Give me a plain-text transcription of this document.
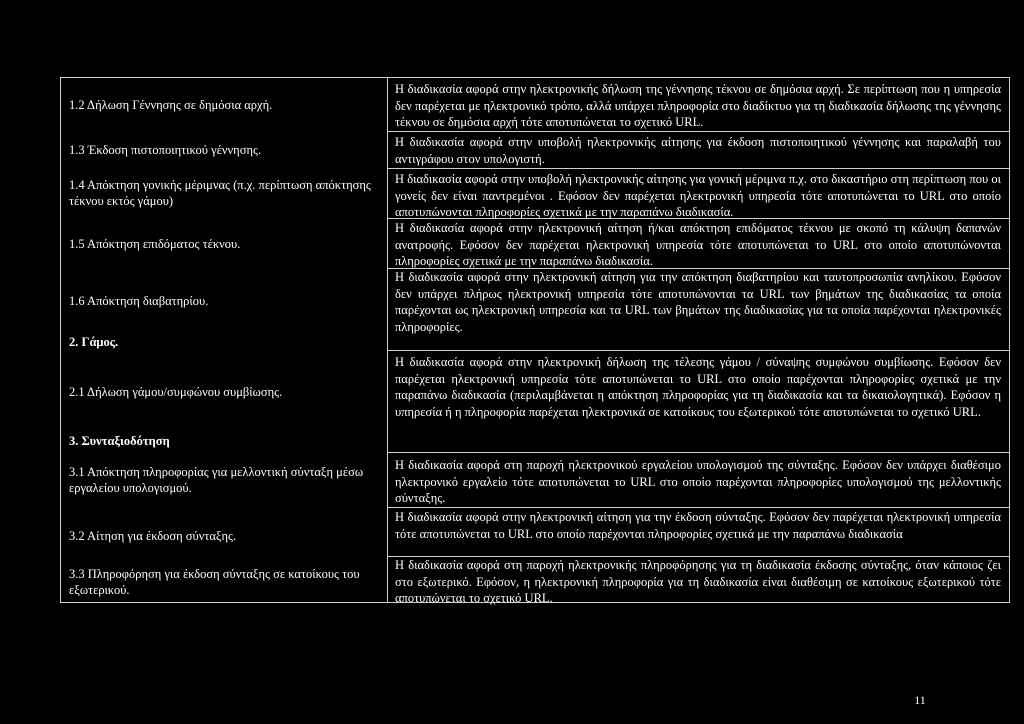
1.2 Δήλωση Γέννησης σε δημόσια αρχή.

1.3 Έκδοση πιστοποιητικού γέννησης.

1.4 Απόκτηση γονικής μέριμνας (π.χ. περίπτωση απόκτησης τέκνου εκτός γάμου)

1.5 Απόκτηση επιδόματος τέκνου.

1.6 Απόκτηση διαβατηρίου.

2. Γάμος.

2.1 Δήλωση γάμου/συμφώνου συμβίωσης.

3. Συνταξιοδότηση

3.1 Απόκτηση πληροφορίας για μελλοντική σύνταξη μέσω εργαλείου υπολογισμού.

3.2 Αίτηση για έκδοση σύνταξης.

3.3 Πληροφόρηση για έκδοση σύνταξης σε κατοίκους του εξωτερικού.

Η διαδικασία αφορά στην ηλεκτρονικής δήλωση της γέννησης τέκνου σε δημόσια αρχή. Σε περίπτωση που η υπηρεσία δεν παρέχεται με ηλεκτρονικό τρόπο, αλλά υπάρχει πληροφορία στο διαδίκτυο για τη διαδικασία δήλωσης της γέννησης τέκνου σε δημόσια αρχή τότε αποτυπώνεται το σχετικό URL.

Η διαδικασία αφορά στην υποβολή ηλεκτρονικής αίτησης για έκδοση πιστοποιητικού γέννησης και παραλαβή του αντιγράφου στον υπολογιστή.

Η διαδικασία αφορά στην υποβολή ηλεκτρονικής αίτησης για γονική μέριμνα π.χ. στο δικαστήριο στη περίπτωση που οι γονείς δεν είναι παντρεμένοι . Εφόσον δεν παρέχεται ηλεκτρονική υπηρεσία τότε αποτυπώνεται το URL στο οποίο αποτυπώνονται πληροφορίες σχετικά με την παραπάνω διαδικασία.

Η διαδικασία αφορά στην ηλεκτρονική αίτηση ή/και απόκτηση επιδόματος τέκνου με σκοπό τη κάλυψη δαπανών ανατροφής. Εφόσον δεν παρέχεται ηλεκτρονική υπηρεσία τότε αποτυπώνεται το URL στο οποίο αποτυπώνονται πληροφορίες σχετικά με την παραπάνω διαδικασία.

Η διαδικασία αφορά στην ηλεκτρονική αίτηση για την απόκτηση διαβατηρίου και ταυτοπροσωπία ανηλίκου. Εφόσον δεν υπάρχει πλήρως ηλεκτρονική υπηρεσία τότε αποτυπώνονται τα URL των βημάτων της διαδικασίας τα οποία παρέχονται ως ηλεκτρονική υπηρεσία και τα URL των βημάτων της διαδικασίας για τα οποία παρέχονται ηλεκτρονικές πληροφορίες.

Η διαδικασία αφορά στην ηλεκτρονική δήλωση της τέλεσης γάμου / σύναψης συμφώνου συμβίωσης. Εφόσον δεν παρέχεται ηλεκτρονική υπηρεσία τότε αποτυπώνεται το URL στο οποίο παρέχονται πληροφορίες σχετικά με την παραπάνω διαδικασία (περιλαμβάνεται η απόκτηση πληροφορίας για τη διαδικασία και τα δικαιολογητικά). Εφόσον η υπηρεσία ή η πληροφορία παρέχεται ηλεκτρονικά σε κατοίκους του εξωτερικού τότε αποτυπώνεται το σχετικό URL.

Η διαδικασία αφορά στη παροχή ηλεκτρονικού εργαλείου υπολογισμού της σύνταξης. Εφόσον δεν υπάρχει διαθέσιμο ηλεκτρονικό εργαλείο τότε αποτυπώνεται το URL στο οποίο παρέχονται πληροφορίες υπολογισμού της μελλοντικής σύνταξης.

Η διαδικασία αφορά στην ηλεκτρονική αίτηση για την έκδοση σύνταξης. Εφόσον δεν παρέχεται ηλεκτρονική υπηρεσία τότε αποτυπώνεται το URL στο οποίο παρέχονται πληροφορίες σχετικά με την παραπάνω διαδικασία

Η διαδικασία αφορά στη παροχή ηλεκτρονικής πληροφόρησης για τη διαδικασία έκδοσης σύνταξης, όταν κάποιος ζει στο εξωτερικό. Εφόσον, η ηλεκτρονική πληροφορία για τη διαδικασία είναι διαθέσιμη σε κατοίκους εξωτερικού τότε αποτυπώνεται το σχετικό URL.

11
